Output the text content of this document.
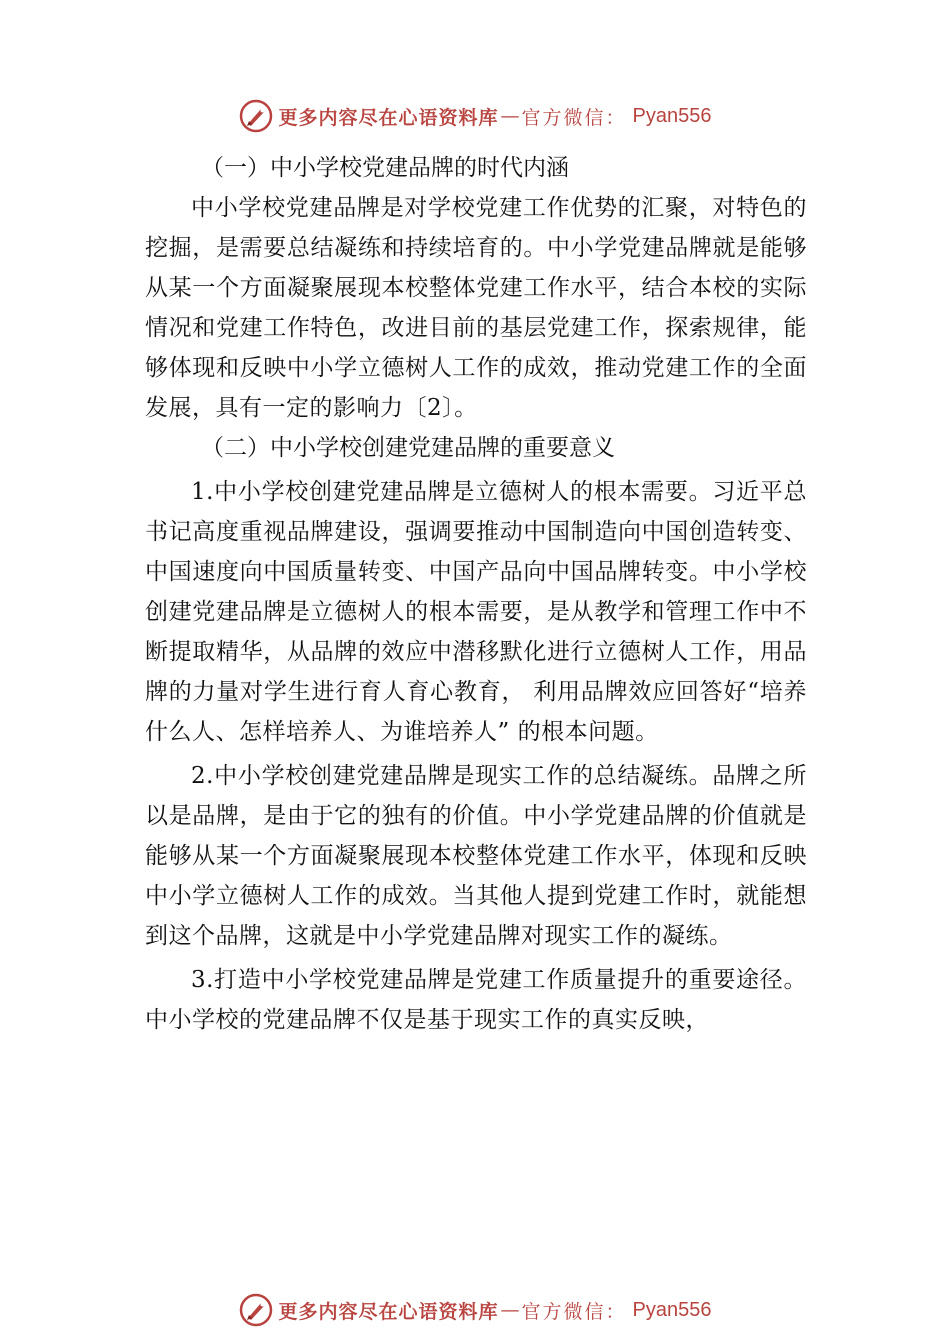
更多内容尽在心语资料库 — 官方微信： Pyan556

（一）中小学校党建品牌的时代内涵

中小学校党建品牌是对学校党建工作优势的汇聚，对特色的挖掘，是需要总结凝练和持续培育的。中小学党建品牌就是能够从某一个方面凝聚展现本校整体党建工作水平，结合本校的实际情况和党建工作特色，改进目前的基层党建工作，探索规律，能够体现和反映中小学立德树人工作的成效，推动党建工作的全面发展，具有一定的影响力〔2〕。

（二）中小学校创建党建品牌的重要意义

1.中小学校创建党建品牌是立德树人的根本需要。习近平总书记高度重视品牌建设，强调要推动中国制造向中国创造转变、中国速度向中国质量转变、中国产品向中国品牌转变。中小学校创建党建品牌是立德树人的根本需要，是从教学和管理工作中不断提取精华，从品牌的效应中潜移默化进行立德树人工作，用品牌的力量对学生进行育人育心教育， 利用品牌效应回答好“培养什么人、怎样培养人、为谁培养人” 的根本问题。

2.中小学校创建党建品牌是现实工作的总结凝练。品牌之所以是品牌，是由于它的独有的价值。中小学党建品牌的价值就是能够从某一个方面凝聚展现本校整体党建工作水平，体现和反映中小学立德树人工作的成效。当其他人提到党建工作时，就能想到这个品牌，这就是中小学党建品牌对现实工作的凝练。

3.打造中小学校党建品牌是党建工作质量提升的重要途径。中小学校的党建品牌不仅是基于现实工作的真实反映，

更多内容尽在心语资料库 — 官方微信： Pyan556
